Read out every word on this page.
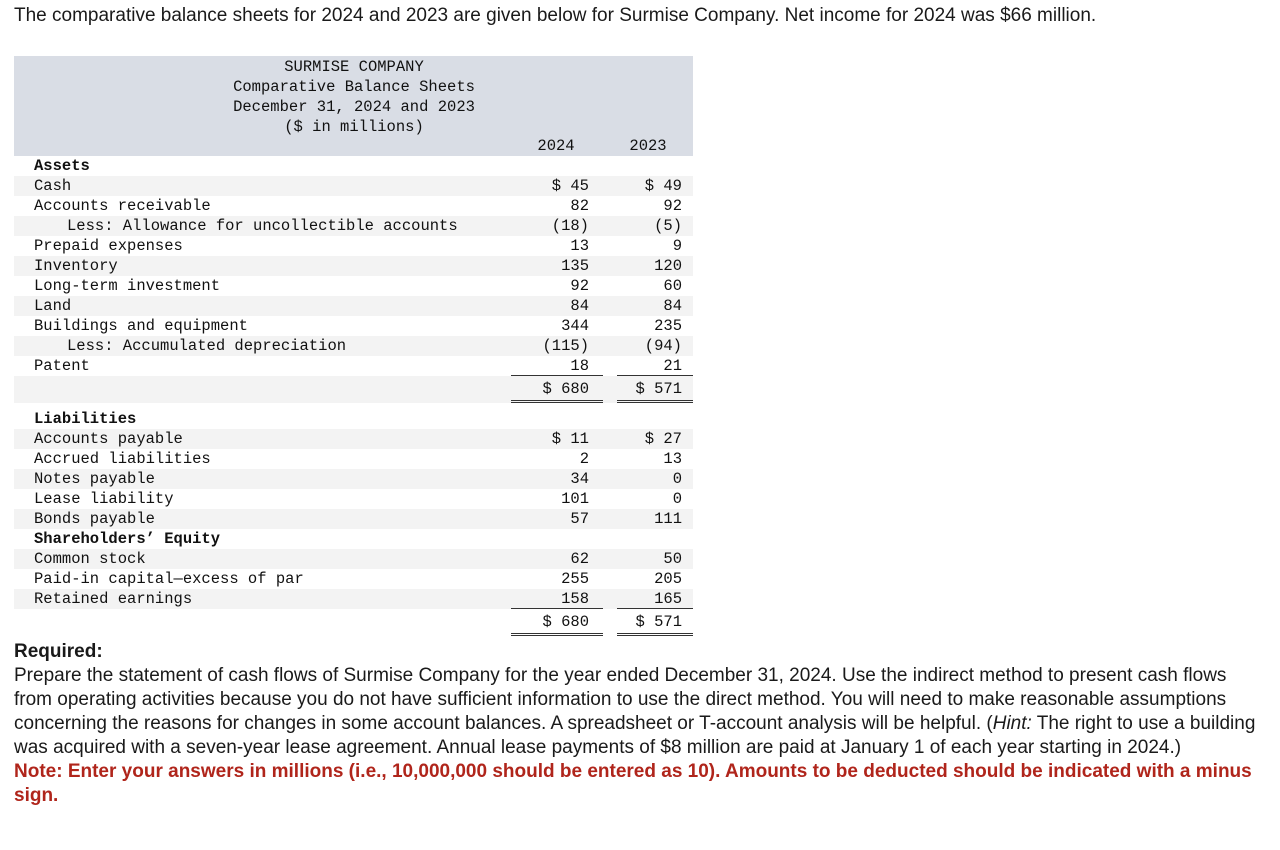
The comparative balance sheets for 2024 and 2023 are given below for Surmise Company. Net income for 2024 was $66 million.
SURMISE COMPANY
Comparative Balance Sheets
December 31, 2024 and 2023
($ in millions)
2024	2023
Assets
Cash	$ 45	$ 49
Accounts receivable	82	92
Less: Allowance for uncollectible accounts	(18)	(5)
Prepaid expenses	13	9
Inventory	135	120
Long-term investment	92	60
Land	84	84
Buildings and equipment	344	235
Less: Accumulated depreciation	(115)	(94)
Patent	18	21
$ 680	$ 571
Liabilities
Accounts payable	$ 11	$ 27
Accrued liabilities	2	13
Notes payable	34	0
Lease liability	101	0
Bonds payable	57	111
Shareholders’ Equity
Common stock	62	50
Paid-in capital—excess of par	255	205
Retained earnings	158	165
$ 680	$ 571
Required:
Prepare the statement of cash flows of Surmise Company for the year ended December 31, 2024. Use the indirect method to present cash flows from operating activities because you do not have sufficient information to use the direct method. You will need to make reasonable assumptions concerning the reasons for changes in some account balances. A spreadsheet or T-account analysis will be helpful. (Hint: The right to use a building was acquired with a seven-year lease agreement. Annual lease payments of $8 million are paid at January 1 of each year starting in 2024.)
Note: Enter your answers in millions (i.e., 10,000,000 should be entered as 10). Amounts to be deducted should be indicated with a minus sign.
